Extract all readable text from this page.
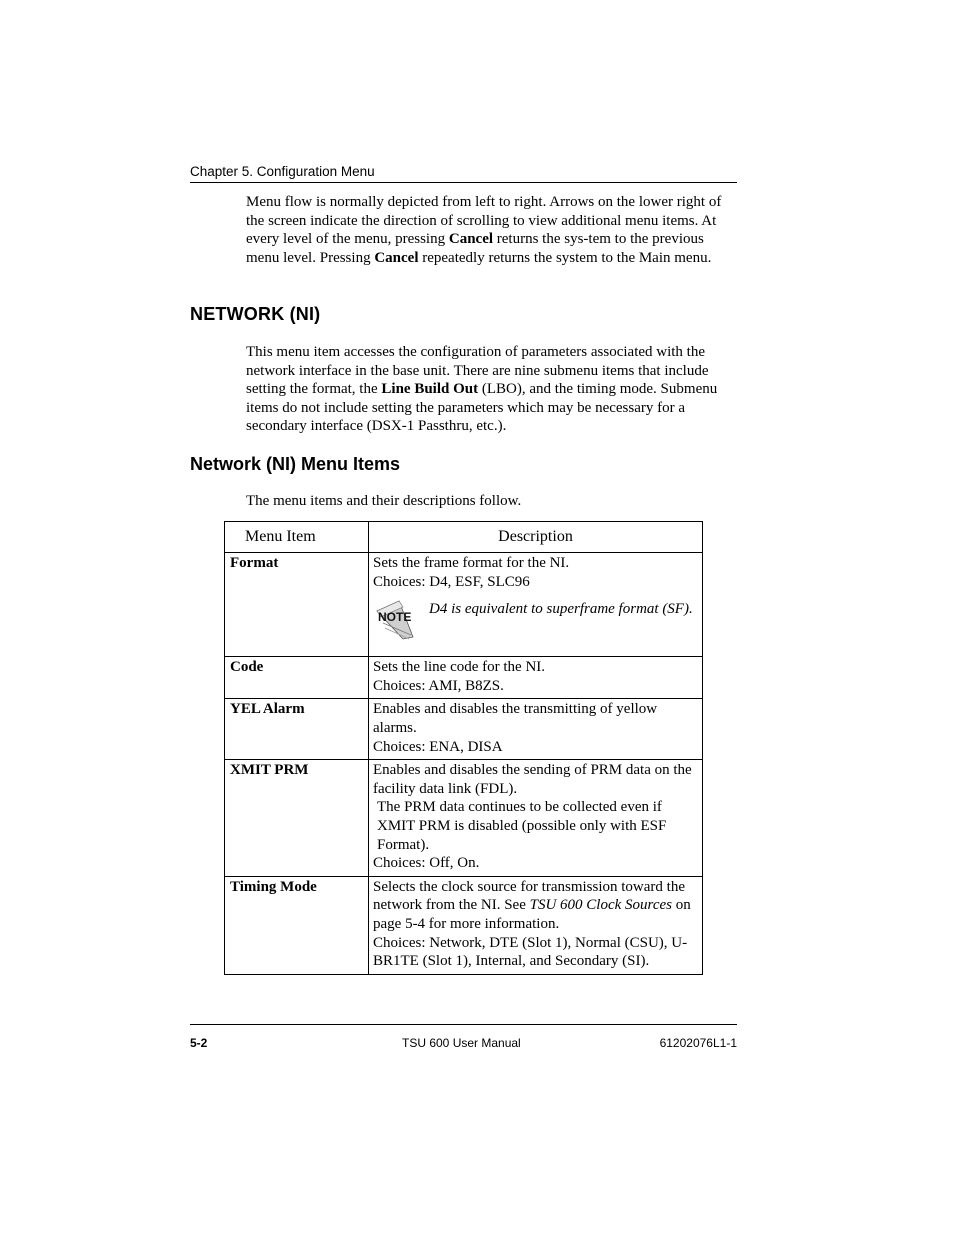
Chapter 5. Configuration Menu

Menu flow is normally depicted from left to right. Arrows on the lower right of the screen indicate the direction of scrolling to view additional menu items. At every level of the menu, pressing Cancel returns the sys-tem to the previous menu level. Pressing Cancel repeatedly returns the system to the Main menu.

NETWORK (NI)

This menu item accesses the configuration of parameters associated with the network interface in the base unit. There are nine submenu items that include setting the format, the Line Build Out (LBO), and the timing mode. Submenu items do not include setting the parameters which may be necessary for a secondary interface (DSX-1 Passthru, etc.).

Network (NI) Menu Items

The menu items and their descriptions follow.

Menu Item	Description
Format	Sets the frame format for the NI.
Choices: D4, ESF, SLC96
NOTE D4 is equivalent to superframe format (SF).

Code	Sets the line code for the NI.
Choices: AMI, B8ZS.

YEL Alarm	Enables and disables the transmitting of yellow alarms.
Choices: ENA, DISA

XMIT PRM	Enables and disables the sending of PRM data on the facility data link (FDL).
The PRM data continues to be collected even if XMIT PRM is disabled (possible only with ESF Format).
Choices: Off, On.

Timing Mode	Selects the clock source for transmission toward the network from the NI. See TSU 600 Clock Sources on page 5-4 for more information.
Choices: Network, DTE (Slot 1), Normal (CSU), U-BR1TE (Slot 1), Internal, and Secondary (SI).
5-2	TSU 600 User Manual	61202076L1-1
